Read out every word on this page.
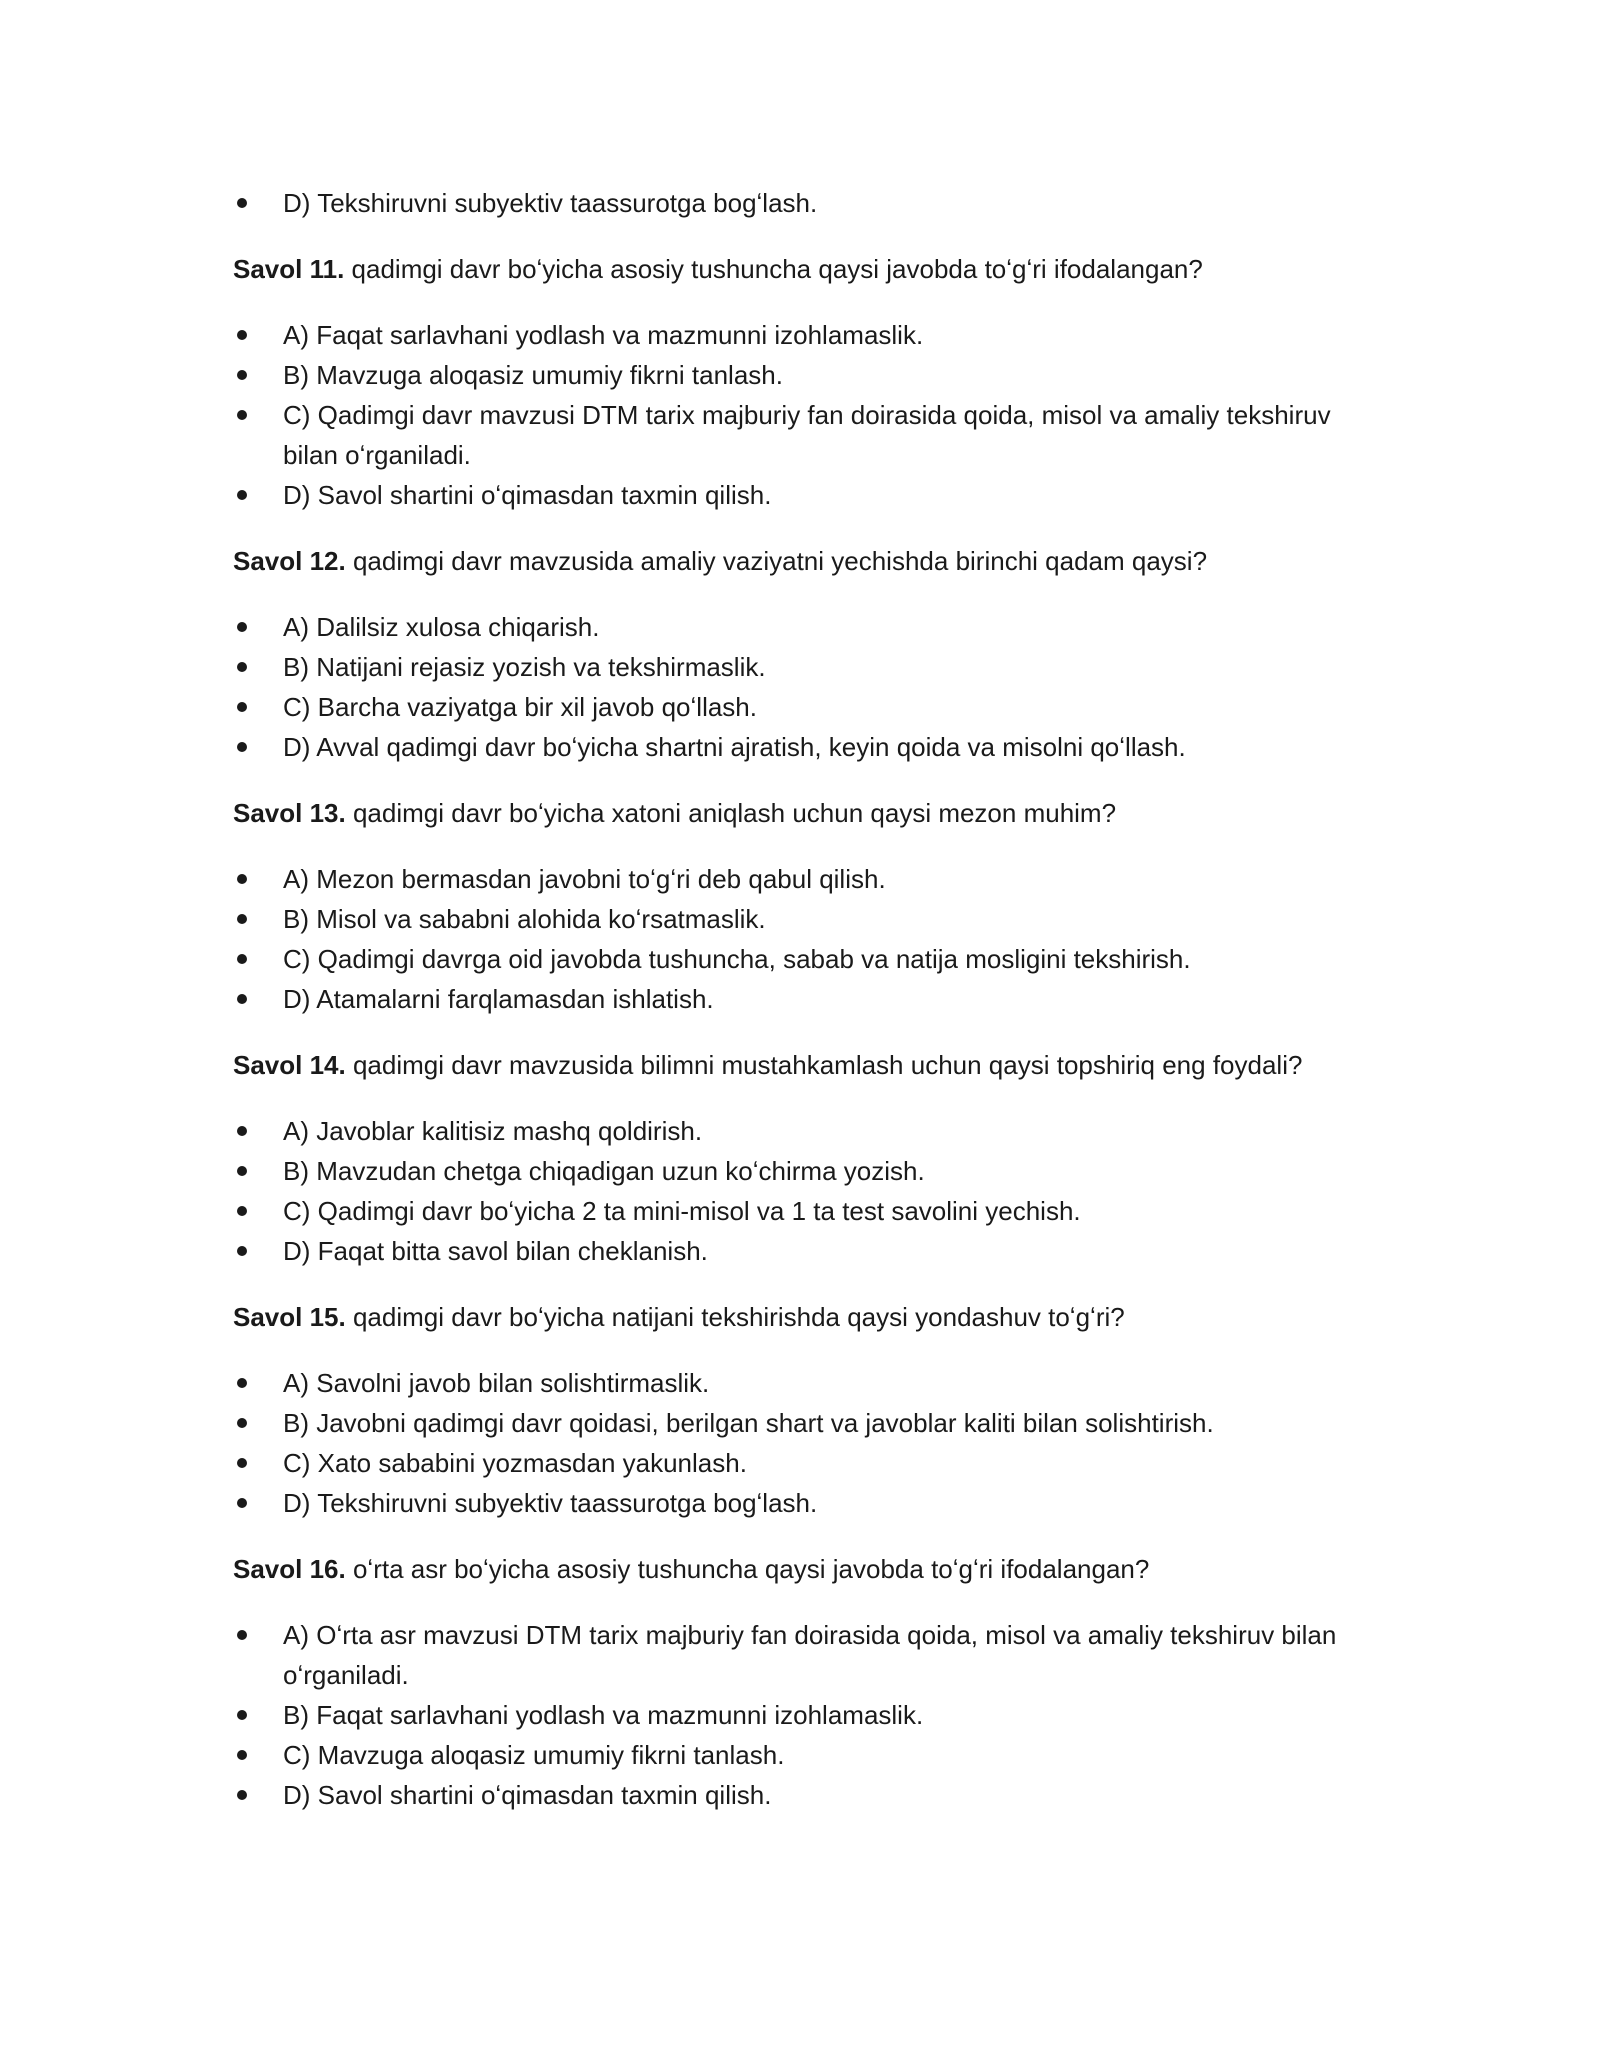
D) Tekshiruvni subyektiv taassurotga bogʻlash.

Savol 11. qadimgi davr boʻyicha asosiy tushuncha qaysi javobda toʻgʻri ifodalangan?

A) Faqat sarlavhani yodlash va mazmunni izohlamaslik.
B) Mavzuga aloqasiz umumiy fikrni tanlash.
C) Qadimgi davr mavzusi DTM tarix majburiy fan doirasida qoida, misol va amaliy tekshiruv bilan oʻrganiladi.
D) Savol shartini oʻqimasdan taxmin qilish.

Savol 12. qadimgi davr mavzusida amaliy vaziyatni yechishda birinchi qadam qaysi?

A) Dalilsiz xulosa chiqarish.
B) Natijani rejasiz yozish va tekshirmaslik.
C) Barcha vaziyatga bir xil javob qoʻllash.
D) Avval qadimgi davr boʻyicha shartni ajratish, keyin qoida va misolni qoʻllash.

Savol 13. qadimgi davr boʻyicha xatoni aniqlash uchun qaysi mezon muhim?

A) Mezon bermasdan javobni toʻgʻri deb qabul qilish.
B) Misol va sababni alohida koʻrsatmaslik.
C) Qadimgi davrga oid javobda tushuncha, sabab va natija mosligini tekshirish.
D) Atamalarni farqlamasdan ishlatish.

Savol 14. qadimgi davr mavzusida bilimni mustahkamlash uchun qaysi topshiriq eng foydali?

A) Javoblar kalitisiz mashq qoldirish.
B) Mavzudan chetga chiqadigan uzun koʻchirma yozish.
C) Qadimgi davr boʻyicha 2 ta mini-misol va 1 ta test savolini yechish.
D) Faqat bitta savol bilan cheklanish.

Savol 15. qadimgi davr boʻyicha natijani tekshirishda qaysi yondashuv toʻgʻri?

A) Savolni javob bilan solishtirmaslik.
B) Javobni qadimgi davr qoidasi, berilgan shart va javoblar kaliti bilan solishtirish.
C) Xato sababini yozmasdan yakunlash.
D) Tekshiruvni subyektiv taassurotga bogʻlash.

Savol 16. oʻrta asr boʻyicha asosiy tushuncha qaysi javobda toʻgʻri ifodalangan?

A) Oʻrta asr mavzusi DTM tarix majburiy fan doirasida qoida, misol va amaliy tekshiruv bilan oʻrganiladi.
B) Faqat sarlavhani yodlash va mazmunni izohlamaslik.
C) Mavzuga aloqasiz umumiy fikrni tanlash.
D) Savol shartini oʻqimasdan taxmin qilish.
